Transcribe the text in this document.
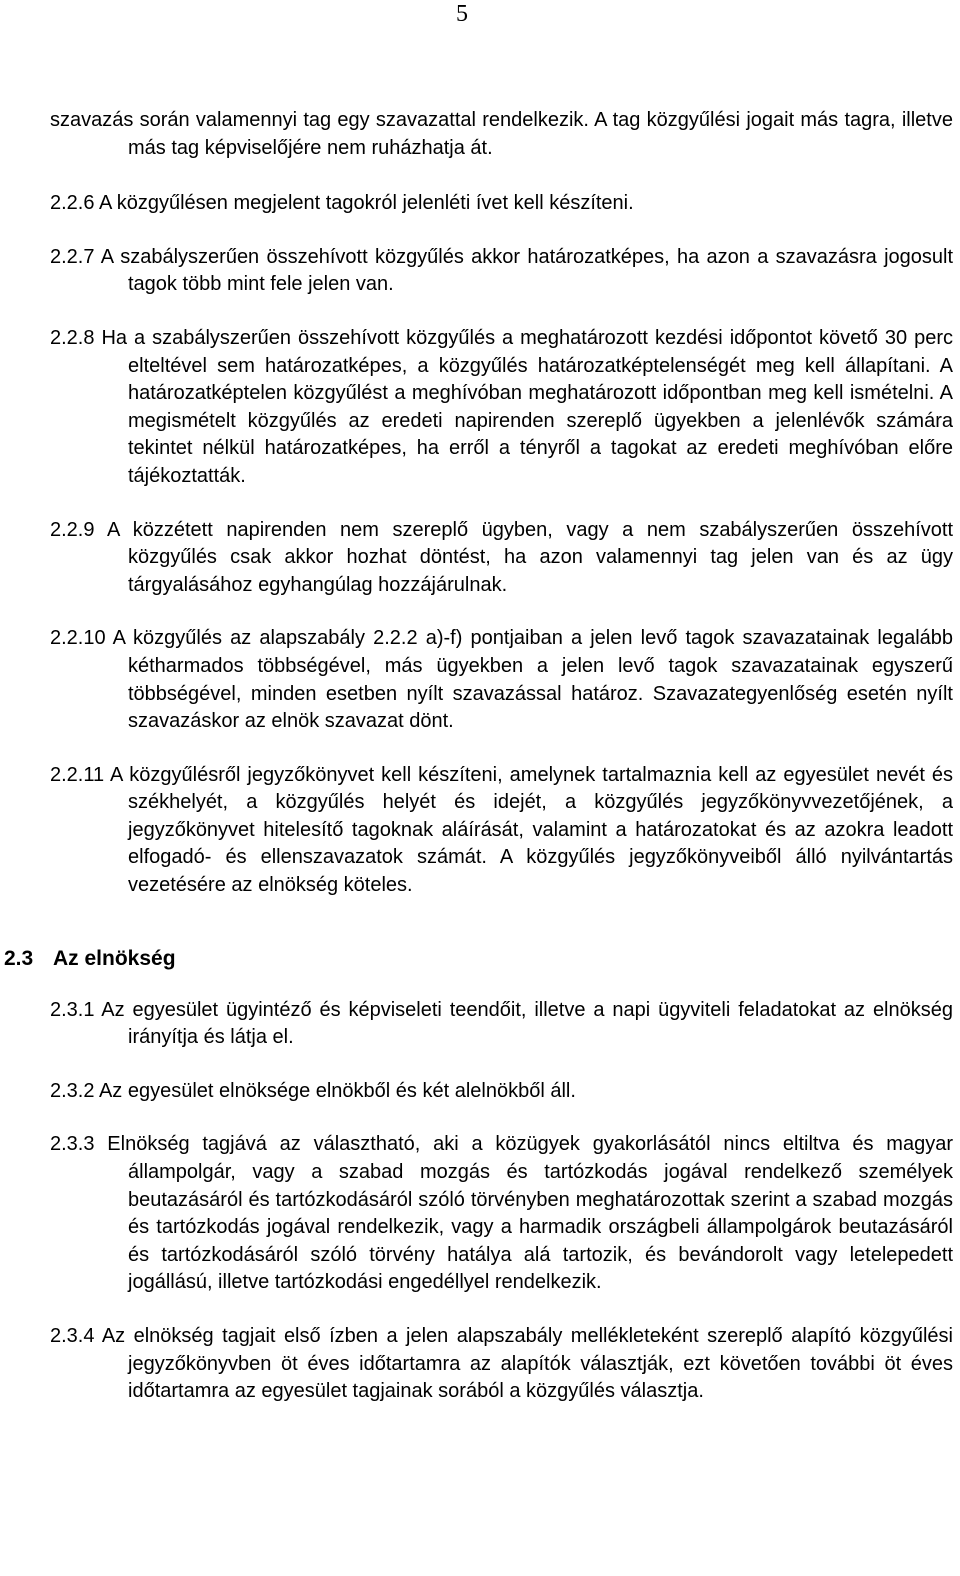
5

szavazás során valamennyi tag egy szavazattal rendelkezik. A tag közgyűlési jogait más tagra, illetve más tag képviselőjére nem ruházhatja át.

2.2.6 A közgyűlésen megjelent tagokról jelenléti ívet kell készíteni.

2.2.7 A szabályszerűen összehívott közgyűlés akkor határozatképes, ha azon a szavazásra jogosult tagok több mint fele jelen van.

2.2.8 Ha a szabályszerűen összehívott közgyűlés a meghatározott kezdési időpontot követő 30 perc elteltével sem határozatképes, a közgyűlés határozatképtelenségét meg kell állapítani. A határozatképtelen közgyűlést a meghívóban meghatározott időpontban meg kell ismételni. A megismételt közgyűlés az eredeti napirenden szereplő ügyekben a jelenlévők számára tekintet nélkül határozatképes, ha erről a tényről a tagokat az eredeti meghívóban előre tájékoztatták.

2.2.9 A közzétett napirenden nem szereplő ügyben, vagy a nem szabályszerűen összehívott közgyűlés csak akkor hozhat döntést, ha azon valamennyi tag jelen van és az ügy tárgyalásához egyhangúlag hozzájárulnak.

2.2.10 A közgyűlés az alapszabály 2.2.2 a)-f) pontjaiban a jelen levő tagok szavazatainak legalább kétharmados többségével, más ügyekben a jelen levő tagok szavazatainak egyszerű többségével, minden esetben nyílt szavazással határoz. Szavazategyenlőség esetén nyílt szavazáskor az elnök szavazat dönt.

2.2.11 A közgyűlésről jegyzőkönyvet kell készíteni, amelynek tartalmaznia kell az egyesület nevét és székhelyét, a közgyűlés helyét és idejét, a közgyűlés jegyzőkönyvvezetőjének, a jegyzőkönyvet hitelesítő tagoknak aláírását, valamint a határozatokat és az azokra leadott elfogadó- és ellenszavazatok számát. A közgyűlés jegyzőkönyveiből álló nyilvántartás vezetésére az elnökség köteles.

2.3 Az elnökség

2.3.1 Az egyesület ügyintéző és képviseleti teendőit, illetve a napi ügyviteli feladatokat az elnökség irányítja és látja el.

2.3.2 Az egyesület elnöksége elnökből és két alelnökből áll.

2.3.3 Elnökség tagjává az választható, aki a közügyek gyakorlásától nincs eltiltva és magyar állampolgár, vagy a szabad mozgás és tartózkodás jogával rendelkező személyek beutazásáról és tartózkodásáról szóló törvényben meghatározottak szerint a szabad mozgás és tartózkodás jogával rendelkezik, vagy a harmadik országbeli állampolgárok beutazásáról és tartózkodásáról szóló törvény hatálya alá tartozik, és bevándorolt vagy letelepedett jogállású, illetve tartózkodási engedéllyel rendelkezik.

2.3.4 Az elnökség tagjait első ízben a jelen alapszabály mellékleteként szereplő alapító közgyűlési jegyzőkönyvben öt éves időtartamra az alapítók választják, ezt követően további öt éves időtartamra az egyesület tagjainak sorából a közgyűlés választja.
